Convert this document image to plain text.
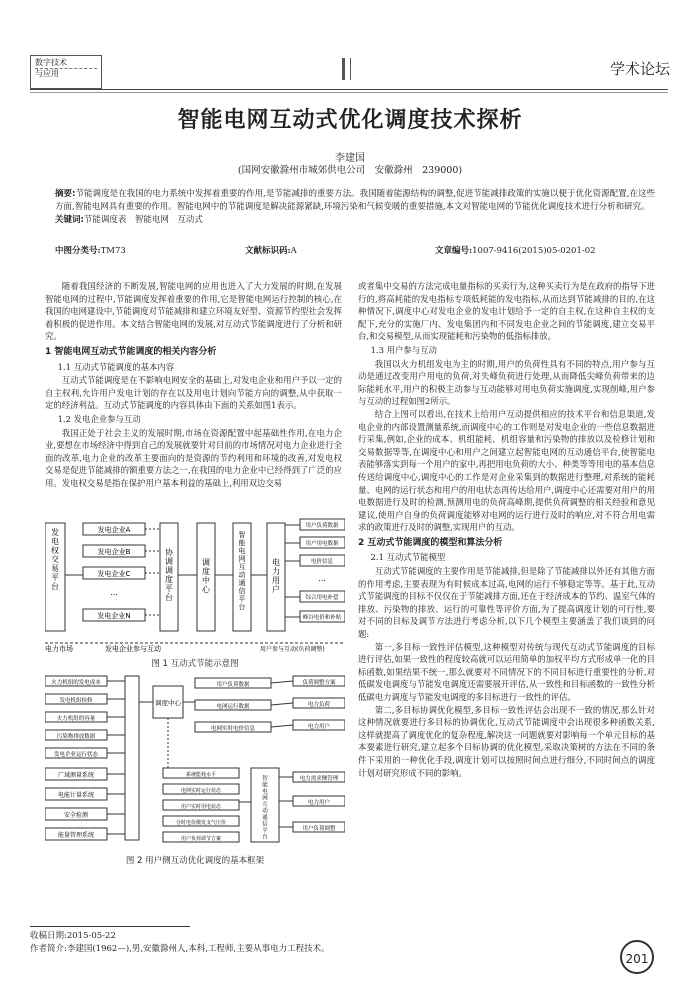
数字技术
与应用	学术论坛
智能电网互动式优化调度技术探析
李建国
(国网安徽滁州市城郊供电公司　安徽滁州　239000)
摘要:节能调度是在我国的电力系统中发挥着重要的作用,是节能减排的重要方法。我国随着能源结构的调整,促进节能减排政策的实施以便于优化资源配置,在这些方面,智能电网具有重要的作用。智能电网中的节能调度是解决能源紧缺,环境污染和气候变暖的重要措施,本文对智能电网的节能优化调度技术进行分析和研究。
关键词:节能调度表　智能电网　互动式
中图分类号:TM73	文献标识码:A	文章编号:1007-9416(2015)05-0201-02

随着我国经济的不断发展,智能电网的应用也进入了大力发展的时期,在发展智能电网的过程中,节能调度发挥着重要的作用,它是智能电网运行控制的核心,在我国的电网建设中,节能调度对节能减排和建立环境友好型、资源节约型社会发挥着积极的促进作用。本文结合智能电网的发展,对互动式节能调度进行了分析和研究。

1 智能电网互动式节能调度的相关内容分析
1.1 互动式节能调度的基本内容

互动式节能调度是在不影响电网安全的基础上,对发电企业和用户予以一定的自主权利,允许用户发电计划的存在以及用电计划向节能方向的调整,从中获取一定的经济利益。互动式节能调度的内容具体由下面的关系如图1表示。

1.2 发电企业参与互动

我国正处于社会主义的发展时期,市场在资源配置中起基础性作用,在电力企业,要想在市场经济中得到自己的发展就要针对目前的市场情况对电力企业进行全面的改革,电力企业的改革主要面向的是资源的节约利用和环境的改善,对发电权交易是促进节能减排的额重要方法之一,在我国的电力企业中已经得到了广泛的应用。发电权交易是指在保护用户基本利益的基础上,利用双边交易

或者集中交易的方法完成电量指标的买卖行为,这种买卖行为是在政府的指导下进行的,将高耗能的发电指标专项低耗能的发电指标,从而达到节能减排的目的,在这种情况下,调度中心对发电企业的发电计划给予一定的自主权,在这种自主权的支配下,充分的实施厂内、发电集团内和不同发电企业之间的节能调度,建立交易平台,和交易模型,从而实现能耗和污染物的低指标排放。

1.3 用户参与互动

我国以火力机组发电为主的时期,用户的负荷性具有不同的特点,用户参与互动是通过改变用户用电的负荷,对失峰负荷进行处理,从而降低尖峰负荷带来的边际能耗水平,用户的积极主动参与互动能够对用电负荷实施调度,实现削峰,用户参与互动的过程如图2所示。

结合上图可以看出,在技术上给用户互动提供相应的技术平台和信息渠道,发电企业的内部设置测量系统,而调度中心的工作则是对发电企业的一些信息数据进行采集,例如,企业的成本、机组能耗、机组容量和污染物的排放以及检修计划和交易数据等等,在调度中心和用户之间建立起智能电网的互动通信平台,使智能电表能够落实到每一个用户的家中,再把用电负荷的大小、种类等等用电的基本信息传送给调度中心,调度中心的工作是对企业采集到的数据进行整理,对系统的能耗量、电网的运行状态和用户的用电状态再传达给用户,调度中心还需要对用户的用电数据进行及时的检测,预测用电的负荷高峰期,提供负荷调整的相关经验和意见建议,使用户自身的负荷调度能够对电网的运行进行及时的响应,对不符合用电需求的政策进行及时的调整,实现用户的互动。

2 互动式节能调度的模型和算法分析
2.1 互动式节能模型

互动式节能调度的主要作用是节能减排,但是除了节能减排以外还有其他方面的作用考虑,主要表现为有时候成本过高,电网的运行不够稳定等等。基于此,互动式节能调度的目标不仅仅在于节能减排方面,还在于经济成本的节约、温室气体的排放、污染物的排放、运行的可靠性等评价方面,为了提高调度计划的可行性,要对不同的目标及调节方法进行考虑分析,以下几个模型主要涵盖了我们谈到的问题:

第一,多目标一致性评估模型,这种模型对传统与现代互动式节能调度的目标进行评估,如果一致性的程度较高就可以运用简单的加权平均方式形成单一化的目标函数,如果结果不统一,那么就要对不同情况下的不同目标进行重要性的分析,对低碳发电调度与节能发电调度还需要展开评估,从一致性和目标函数的一致性分析低碳电力调度与节能发电调度的多目标进行一致性的评估。

第二,多目标协调优化模型,多目标一致性评估会出现不一致的情况,那么针对这种情况就要进行多目标的协调优化,互动式节能调度中会出现很多种函数关系,这样就提高了调度优化的复杂程度,解决这一问题就要对影响每一个单元目标的基本要素进行研究,建立起多个目标协调的优化模型,采取决策树的方法在不同的条件下采用的一种优化手段,调度计划可以按照时间点进行细分,不同时间点的调度计划对研究形成不同的影响。

发电权交易平台
发电企业A
发电企业B
发电企业C
...
发电企业N
协调调度平台
调度中心
智能电网互动通信平台
电力用户
用户负荷数据
用户用电数据
电价信息
...
综合用电补偿
峰谷电价和补贴
电力市场	发电企业参与互动	用户参与互动(负荷调整)
图 1 互动式节能示意图
火力机组的发电成本
发电机组检修
火力机组的容量
污染物排放数据
发电企业运行状态
广域测量系统
电能计量系统
安全检测
能量管理系统
调度中心
用户负荷数据
电网运行数据
电网实时电价信息
系统能耗水平
电网实时运行状态
用户实时用电状态
分时电价激发支气压价
用户负荷调节方案
智能电网互动通信平台
负荷调整方案
电力负荷
电力用户
电力需求侧管理
电力用户
用户负荷调整
图 2 用户侧互动优化调度的基本框架
收稿日期:2015-05-22
作者简介:李建国(1962—),男,安徽滁州人,本科,工程师,主要从事电力工程技术。
201
